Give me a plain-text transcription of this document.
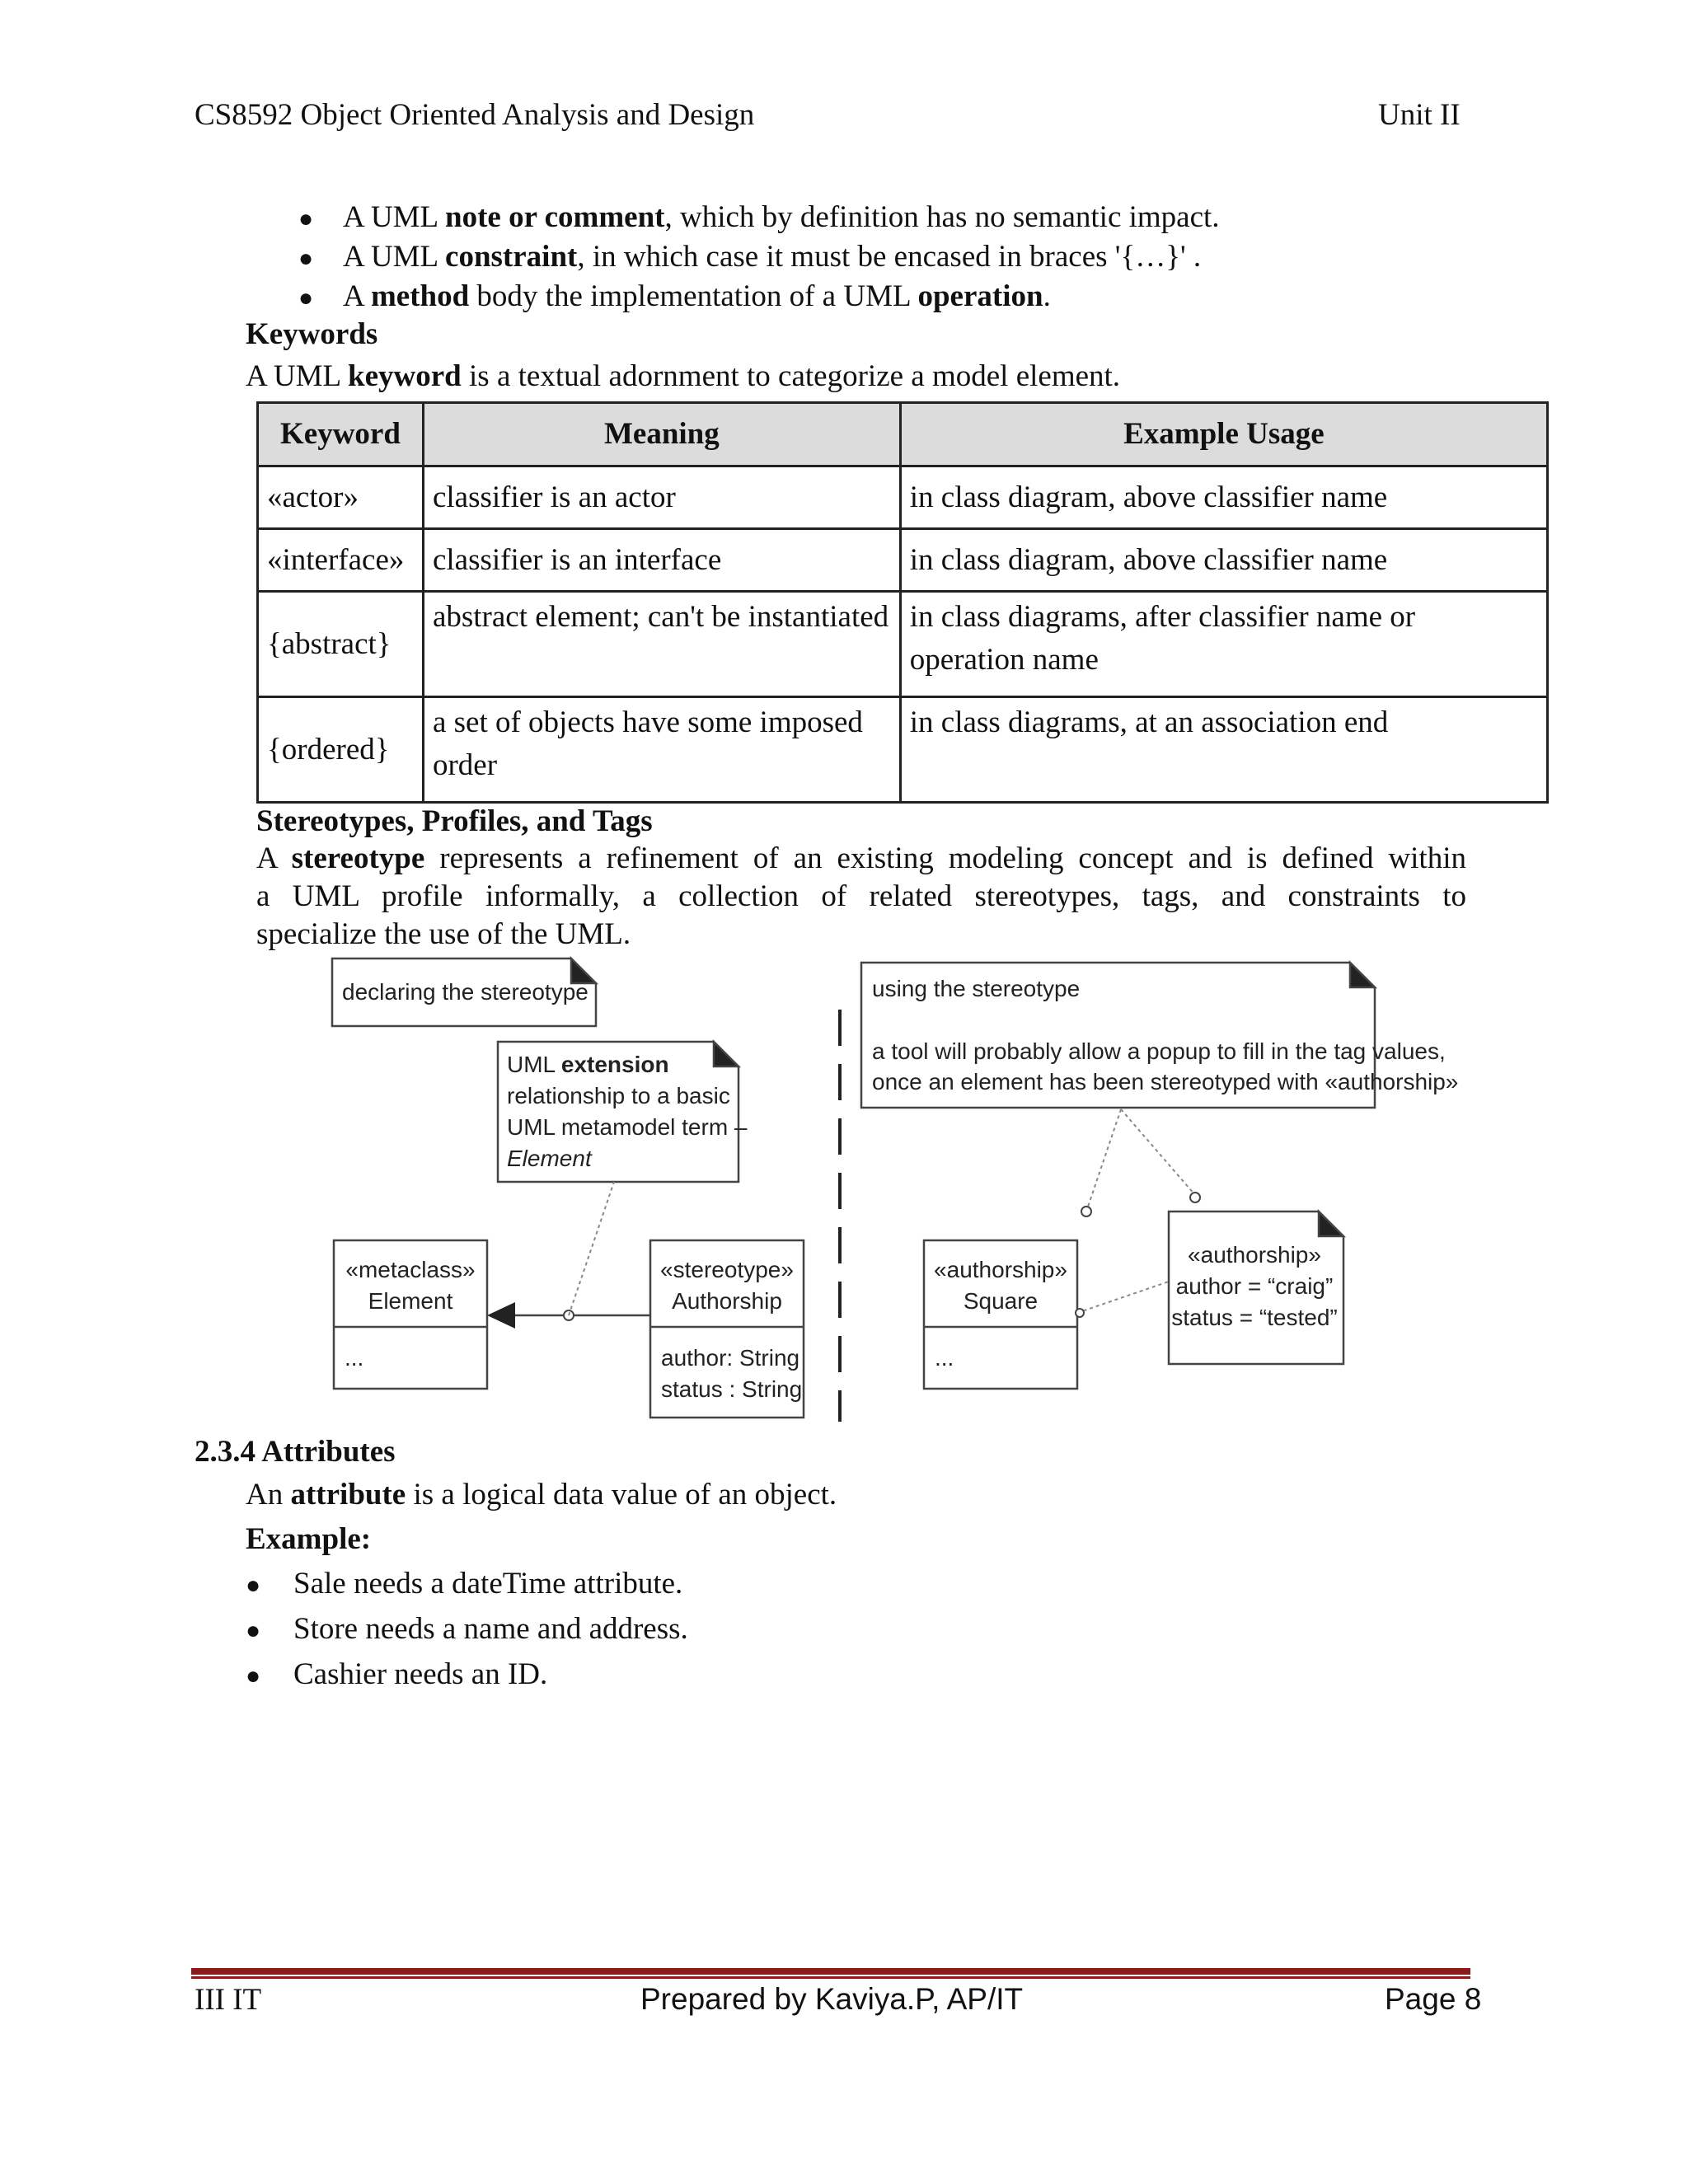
CS8592 Object Oriented Analysis and Design	Unit II
● A UML note or comment, which by definition has no semantic impact.
● A UML constraint, in which case it must be encased in braces '{…}' .
● A method body the implementation of a UML operation.
Keywords
A UML keyword is a textual adornment to categorize a model element.
Keyword	Meaning	Example Usage
«actor»	classifier is an actor	in class diagram, above classifier name
«interface»	classifier is an interface	in class diagram, above classifier name
{abstract}	abstract element; can't be instantiated	in class diagrams, after classifier name or operation name
{ordered}	a set of objects have some imposed order	in class diagrams, at an association end
Stereotypes, Profiles, and Tags
A stereotype represents a refinement of an existing modeling concept and is defined within
a UML profile informally, a collection of related stereotypes, tags, and constraints to
specialize the use of the UML.
declaring the stereotype
UML extension
relationship to a basic
UML metamodel term –
Element
«metaclass»
Element
...
«stereotype»
Authorship
author: String
status : String
using the stereotype
a tool will probably allow a popup to fill in the tag values,
once an element has been stereotyped with «authorship»
«authorship»
Square
...
«authorship»
author = “craig”
status = “tested”
2.3.4 Attributes
An attribute is a logical data value of an object.
Example:
● Sale needs a dateTime attribute.
● Store needs a name and address.
● Cashier needs an ID.
III IT	Prepared by Kaviya.P, AP/IT	Page 8
